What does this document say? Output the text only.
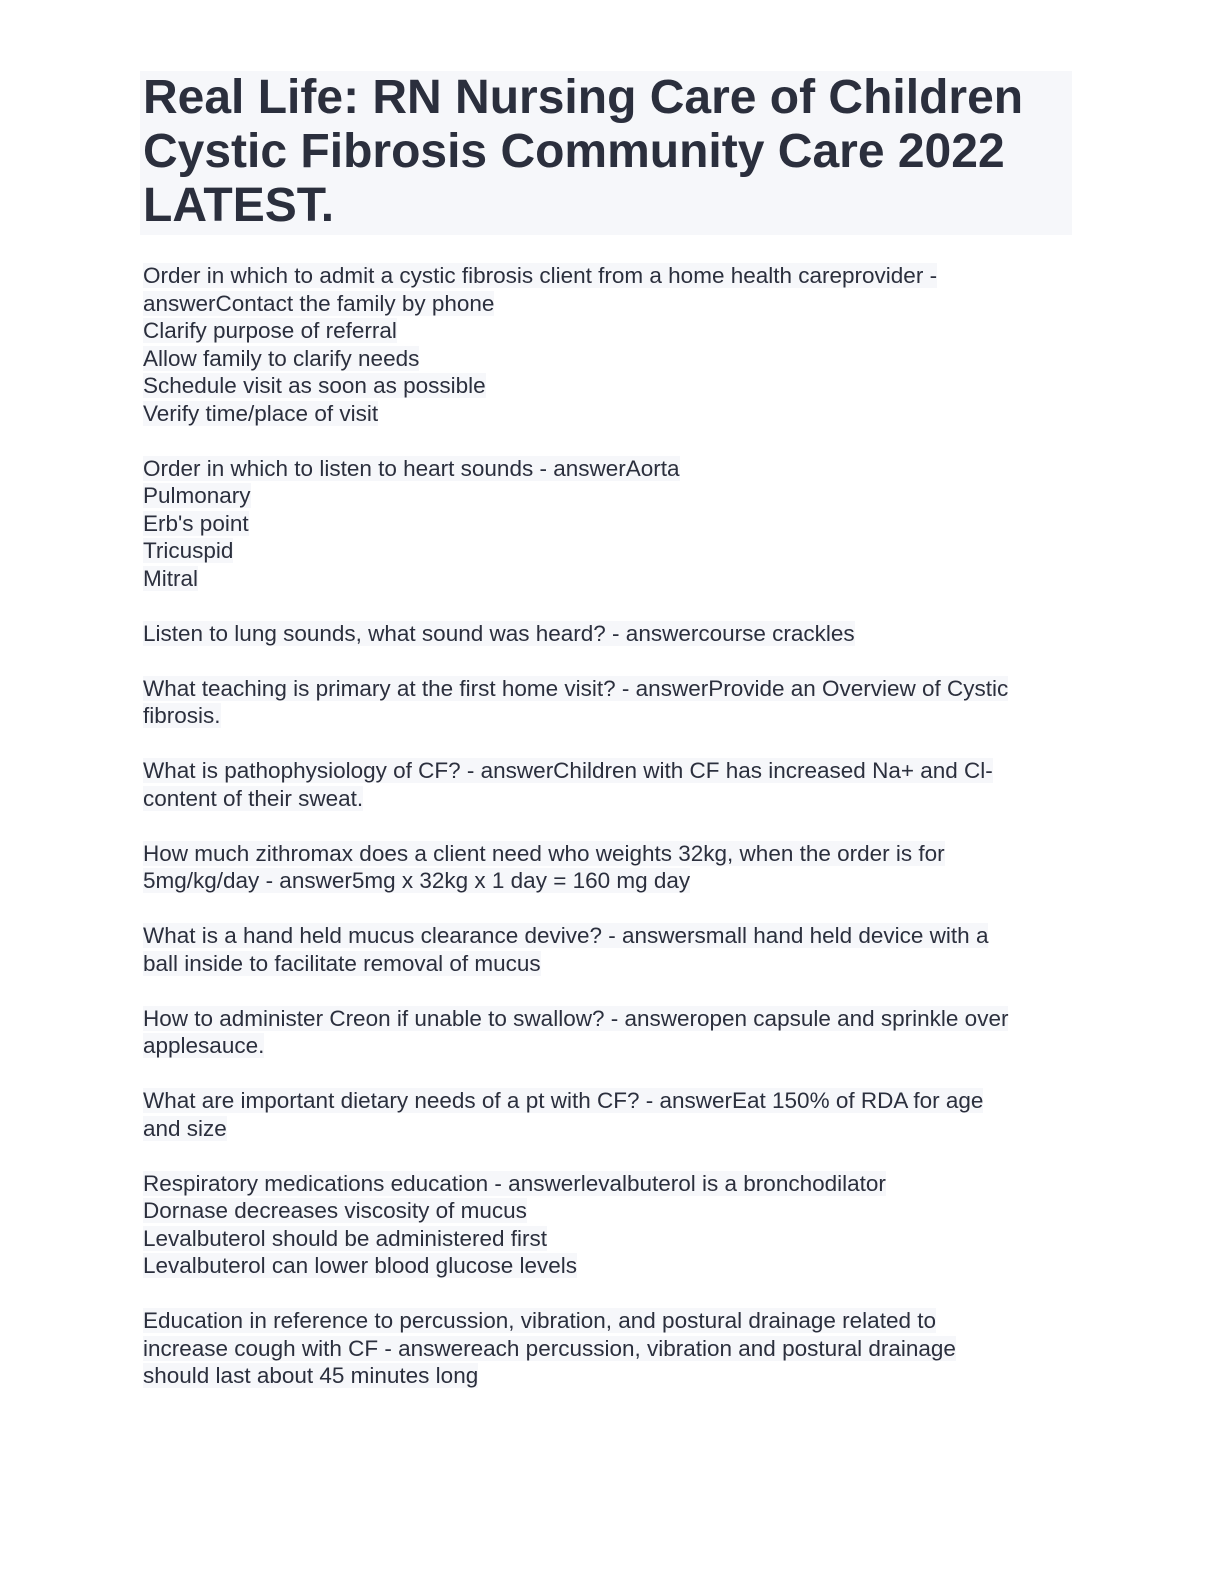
Real Life: RN Nursing Care of Children
Cystic Fibrosis Community Care 2022
LATEST.
Order in which to admit a cystic fibrosis client from a home health careprovider -
answerContact the family by phone
Clarify purpose of referral
Allow family to clarify needs
Schedule visit as soon as possible
Verify time/place of visit
Order in which to listen to heart sounds - answerAorta
Pulmonary
Erb's point
Tricuspid
Mitral
Listen to lung sounds, what sound was heard? - answercourse crackles
What teaching is primary at the first home visit? - answerProvide an Overview of Cystic
fibrosis.
What is pathophysiology of CF? - answerChildren with CF has increased Na+ and Cl-
content of their sweat.
How much zithromax does a client need who weights 32kg, when the order is for
5mg/kg/day - answer5mg x 32kg x 1 day = 160 mg day
What is a hand held mucus clearance devive? - answersmall hand held device with a
ball inside to facilitate removal of mucus
How to administer Creon if unable to swallow? - answeropen capsule and sprinkle over
applesauce.
What are important dietary needs of a pt with CF? - answerEat 150% of RDA for age
and size
Respiratory medications education - answerlevalbuterol is a bronchodilator
Dornase decreases viscosity of mucus
Levalbuterol should be administered first
Levalbuterol can lower blood glucose levels
Education in reference to percussion, vibration, and postural drainage related to
increase cough with CF - answereach percussion, vibration and postural drainage
should last about 45 minutes long
